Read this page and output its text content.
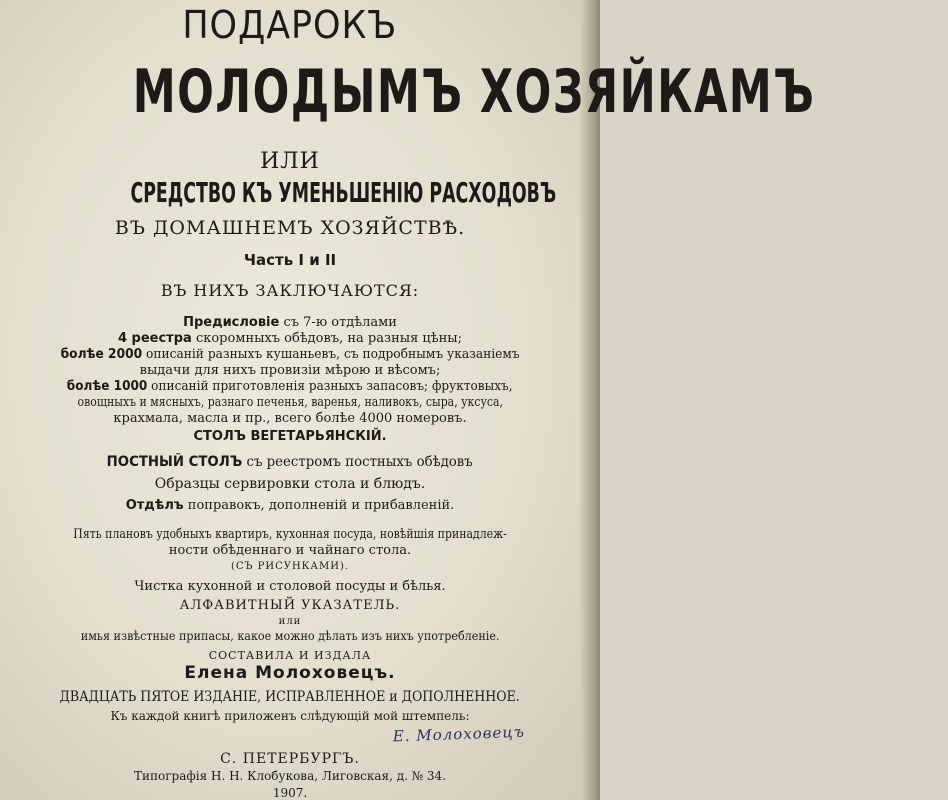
ПОДАРОКЪ
МОЛОДЫМЪ ХОЗЯЙКАМЪ
ИЛИ
СРЕДСТВО КЪ УМЕНЬШЕНІЮ РАСХОДОВЪ
ВЪ ДОМАШНЕМЪ ХОЗЯЙСТВѢ.
Часть I и II
ВЪ НИХЪ ЗАКЛЮЧАЮТСЯ:
Предисловіе съ 7-ю отдѣлами
4 реестра скоромныхъ обѣдовъ, на разныя цѣны;
болѣе 2000 описаній разныхъ кушаньевъ, съ подробнымъ указаніемъ
выдачи для нихъ провизіи мѣрою и вѣсомъ;
болѣе 1000 описаній приготовленія разныхъ запасовъ; фруктовыхъ,
овощныхъ и мясныхъ, разнаго печенья, варенья, наливокъ, сыра, уксуса,
крахмала, масла и пр., всего болѣе 4000 номеровъ.
СТОЛЪ ВЕГЕТАРЬЯНСКІЙ.
ПОСТНЫЙ СТОЛЪ съ реестромъ постныхъ обѣдовъ
Образцы сервировки стола и блюдъ.
Отдѣлъ поправокъ, дополненій и прибавленій.
Пять плановъ удобныхъ квартиръ, кухонная посуда, новѣйшія принадлеж-
ности обѣденнаго и чайнаго стола.
(СЪ РИСУНКАМИ).
Чистка кухонной и столовой посуды и бѣлья.
АЛФАВИТНЫЙ УКАЗАТЕЛЬ.
или
имья извѣстные припасы, какое можно дѣлать изъ нихъ употребленіе.
СОСТАВИЛА И ИЗДАЛА
Елена Молоховецъ.
ДВАДЦАТЬ ПЯТОЕ ИЗДАНІЕ, ИСПРАВЛЕННОЕ и ДОПОЛНЕННОЕ.
Къ каждой книгѣ приложенъ слѣдующій мой штемпель:
Е. Молоховецъ
С. ПЕТЕРБУРГЪ.
Типографія Н. Н. Клобукова, Лиговская, д. № 34.
1907.
